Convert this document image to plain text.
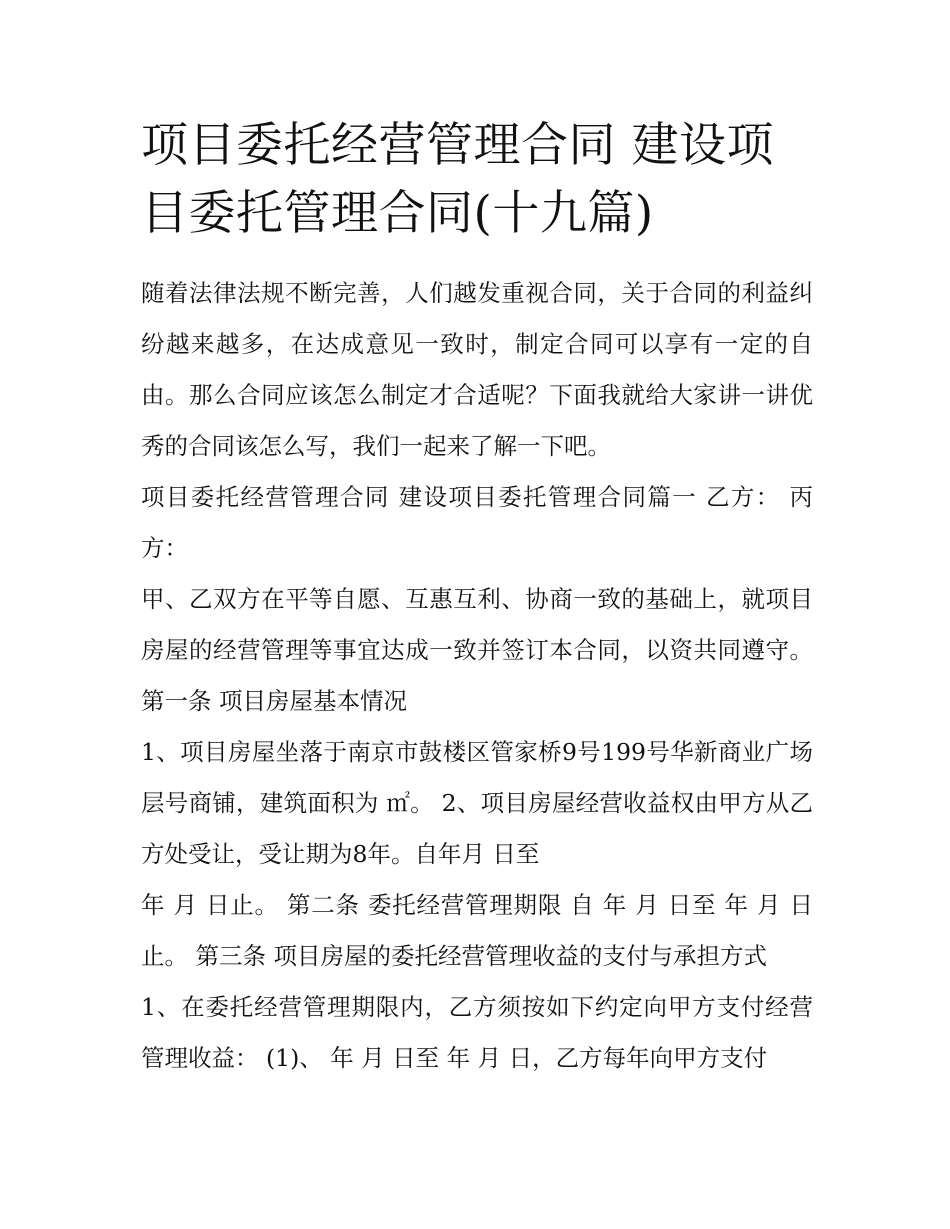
项目委托经营管理合同 建设项目委托管理合同(十九篇)

随着法律法规不断完善，人们越发重视合同，关于合同的利益纠纷越来越多，在达成意见一致时，制定合同可以享有一定的自由。那么合同应该怎么制定才合适呢？下面我就给大家讲一讲优秀的合同该怎么写，我们一起来了解一下吧。

项目委托经营管理合同 建设项目委托管理合同篇一 乙方： 丙方：

甲、乙双方在平等自愿、互惠互利、协商一致的基础上，就项目房屋的经营管理等事宜达成一致并签订本合同，以资共同遵守。 第一条 项目房屋基本情况

1、项目房屋坐落于南京市鼓楼区管家桥9号199号华新商业广场层号商铺，建筑面积为 ㎡。 2、项目房屋经营收益权由甲方从乙方处受让，受让期为8年。自年月 日至

年 月 日止。 第二条 委托经营管理期限 自 年 月 日至 年 月 日止。 第三条 项目房屋的委托经营管理收益的支付与承担方式

1、在委托经营管理期限内，乙方须按如下约定向甲方支付经营管理收益： (1)、 年 月 日至 年 月 日，乙方每年向甲方支付
